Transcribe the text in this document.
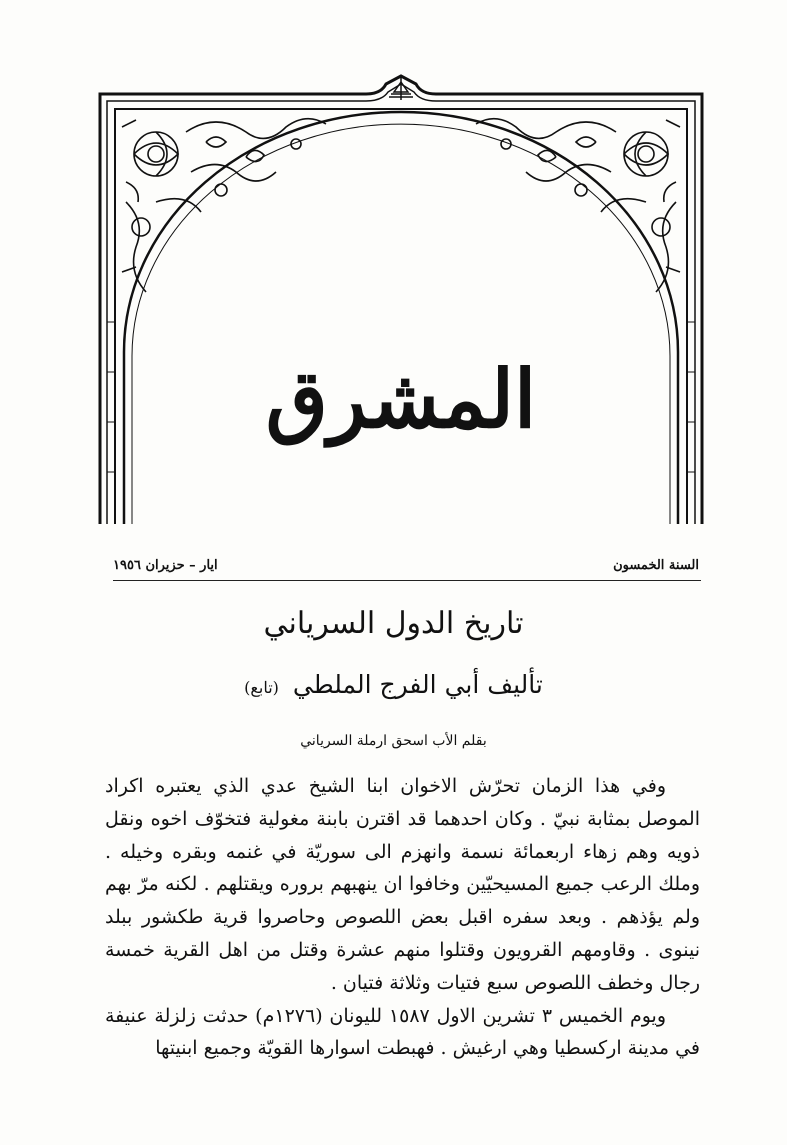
المشرق
السنة الخمسون
ايار – حزيران ١٩٥٦
تاريخ الدول السرياني
تأليف أبي الفرج الملطي(تابع)
بقلم الأب اسحق ارملة السرياني

وفي هذا الزمان تحرّش الاخوان ابنا الشيخ عدي الذي يعتبره اكراد الموصل بمثابة نبيّ . وكان احدهما قد اقترن بابنة مغولية فتخوّف اخوه ونقل ذويه وهم زهاء اربعمائة نسمة وانهزم الى سوريّة في غنمه وبقره وخيله . وملك الرعب جميع المسيحيّين وخافوا ان ينهبهم بروره ويقتلهم . لكنه مرّ بهم ولم يؤذهم . وبعد سفره اقبل بعض اللصوص وحاصروا قرية طكشور ببلد نينوى . وقاومهم القرويون وقتلوا منهم عشرة وقتل من اهل القرية خمسة رجال وخطف اللصوص سبع فتيات وثلاثة فتيان .

ويوم الخميس ٣ تشرين الاول ١٥٨٧ لليونان (١٢٧٦م) حدثت زلزلة عنيفة في مدينة اركسطيا وهي ارغيش . فهبطت اسوارها القويّة وجميع ابنيتها
